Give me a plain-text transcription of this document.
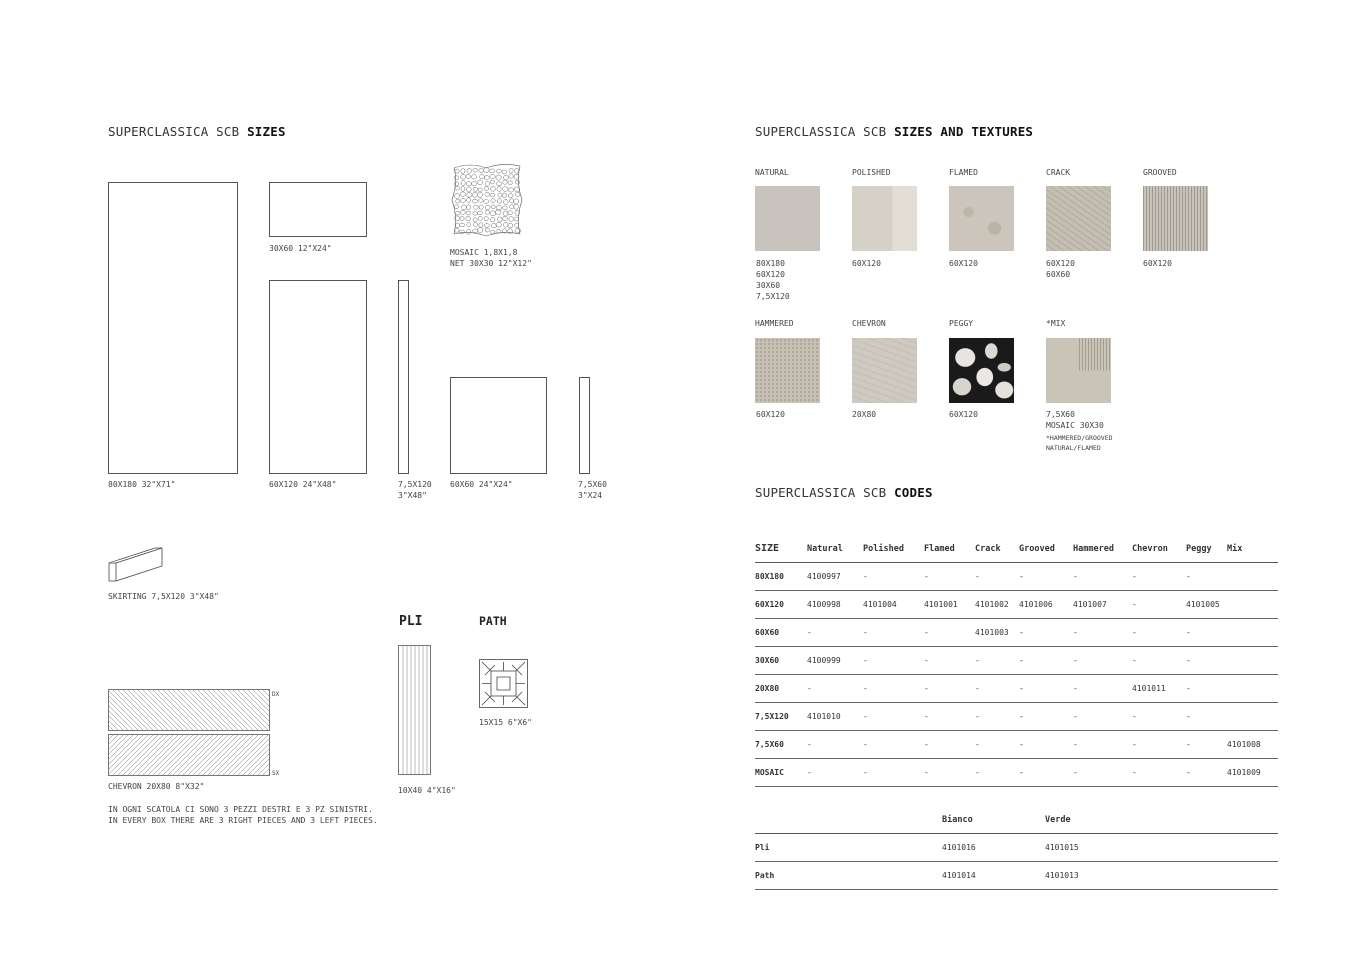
SUPERCLASSICA SCB SIZES
80X180 32"X71"
30X60 12"X24"
60X120 24"X48"	7,5X120
3"X48"
MOSAIC 1,8X1,8
NET 30X30 12"X12"
60X60 24"X24"	7,5X60
3"X24
SKIRTING 7,5X120 3"X48"
DX
SX
CHEVRON 20X80 8"X32"
IN OGNI SCATOLA CI SONO 3 PEZZI DESTRI E 3 PZ SINISTRI.
IN EVERY BOX THERE ARE 3 RIGHT PIECES AND 3 LEFT PIECES.
PLI
10X40 4"X16"
PATH
15X15 6"X6"
SUPERCLASSICA SCB SIZES AND TEXTURES
NATURAL
80X180
60X120
30X60
7,5X120
POLISHED
60X120
FLAMED
60X120
CRACK
60X120
60X60
GROOVED
60X120
HAMMERED
60X120
CHEVRON
20X80
PEGGY
60X120
*MIX
7,5X60
MOSAIC 30X30
*HAMMERED/GROOVED
NATURAL/FLAMED
SUPERCLASSICA SCB CODES
SIZE	Natural	Polished	Flamed	Crack	Grooved	Hammered	Chevron	Peggy	Mix
80X180	4100997	-	-	-	-	-	-	-	
60X120	4100998	4101004	4101001	4101002	4101006	4101007	-	4101005	
60X60	-	-	-	4101003	-	-	-	-	
30X60	4100999	-	-	-	-	-	-	-	
20X80	-	-	-	-	-	-	4101011	-	
7,5X120	4101010	-	-	-	-	-	-	-	
7,5X60	-	-	-	-	-	-	-	-	4101008
MOSAIC	-	-	-	-	-	-	-	-	4101009
	Bianco	Verde
Pli	4101016	4101015
Path	4101014	4101013
